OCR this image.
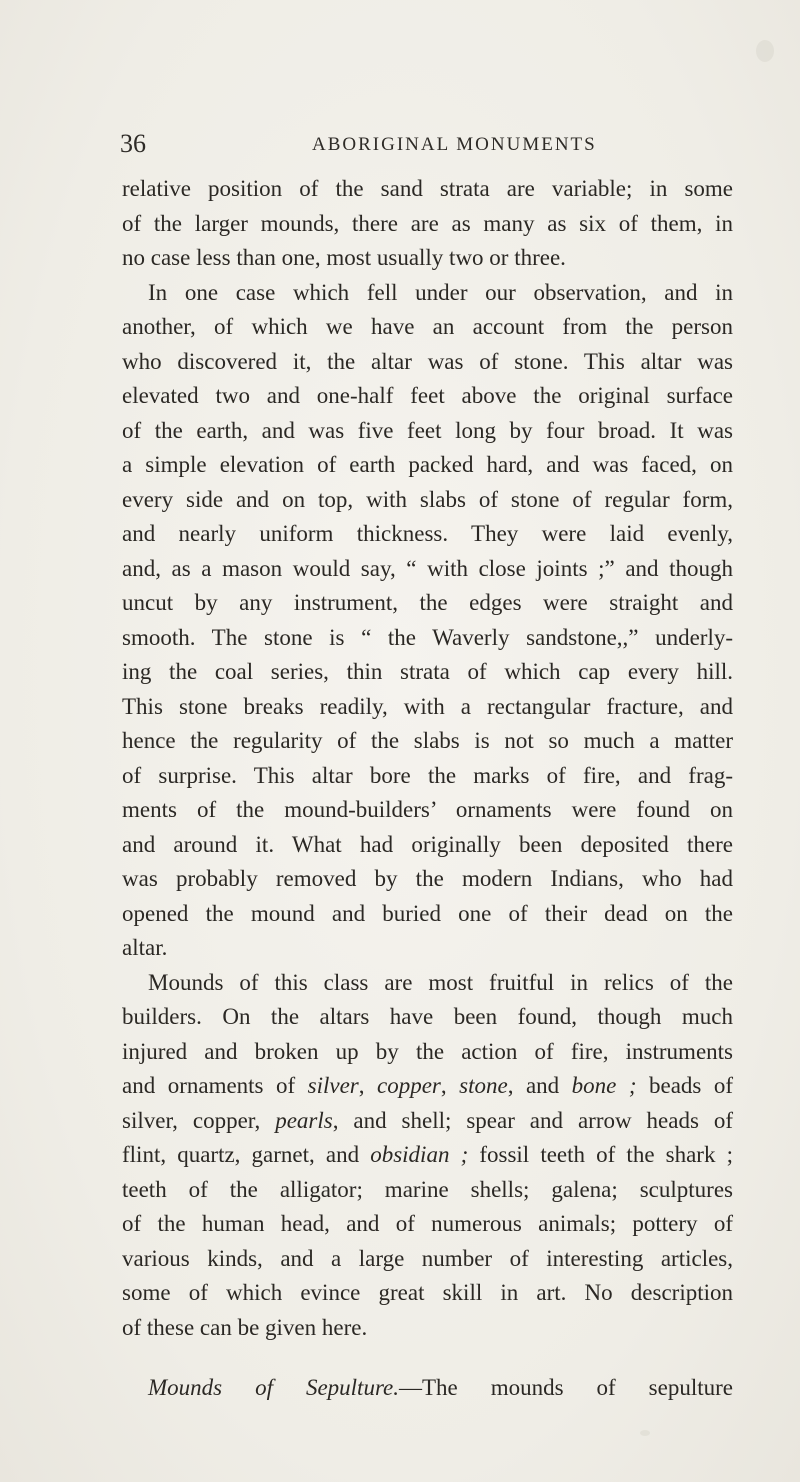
36	ABORIGINAL MONUMENTS
relative position of the sand strata are variable; in some
of the larger mounds, there are as many as six of them, in
no case less than one, most usually two or three.
In one case which fell under our observation, and in
another, of which we have an account from the person
who discovered it, the altar was of stone. This altar was
elevated two and one-half feet above the original surface
of the earth, and was five feet long by four broad. It was
a simple elevation of earth packed hard, and was faced, on
every side and on top, with slabs of stone of regular form,
and nearly uniform thickness. They were laid evenly,
and, as a mason would say, “ with close joints ;” and though
uncut by any instrument, the edges were straight and
smooth. The stone is “ the Waverly sandstone,,” underly-
ing the coal series, thin strata of which cap every hill.
This stone breaks readily, with a rectangular fracture, and
hence the regularity of the slabs is not so much a matter
of surprise. This altar bore the marks of fire, and frag-
ments of the mound-builders’ ornaments were found on
and around it. What had originally been deposited there
was probably removed by the modern Indians, who had
opened the mound and buried one of their dead on the
altar.
Mounds of this class are most fruitful in relics of the
builders. On the altars have been found, though much
injured and broken up by the action of fire, instruments
and ornaments of silver, copper, stone, and bone ; beads of
silver, copper, pearls, and shell; spear and arrow heads of
flint, quartz, garnet, and obsidian ; fossil teeth of the shark ;
teeth of the alligator; marine shells; galena; sculptures
of the human head, and of numerous animals; pottery of
various kinds, and a large number of interesting articles,
some of which evince great skill in art. No description
of these can be given here.
Mounds of Sepulture.—The mounds of sepulture
